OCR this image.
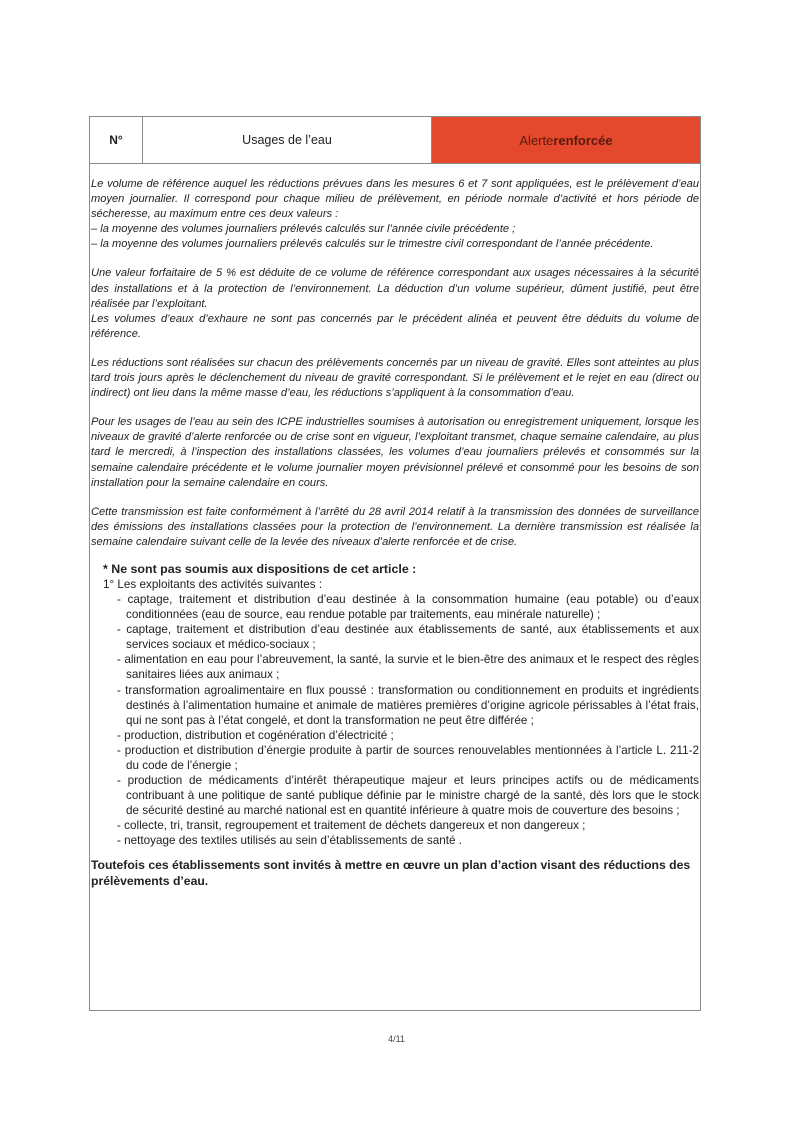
N°	Usages de l’eau	Alerte renforcée

Le volume de référence auquel les réductions prévues dans les mesures 6 et 7 sont appliquées, est le prélèvement d’eau moyen journalier. Il correspond pour chaque milieu de prélèvement, en période normale d’activité et hors période de sécheresse, au maximum entre ces deux valeurs :

– la moyenne des volumes journaliers prélevés calculés sur l’année civile précédente ;

– la moyenne des volumes journaliers prélevés calculés sur le trimestre civil correspondant de l’année précédente.

Une valeur forfaitaire de 5 % est déduite de ce volume de référence correspondant aux usages nécessaires à la sécurité des installations et à la protection de l’environnement. La déduction d’un volume supérieur, dûment justifié, peut être réalisée par l’exploitant.

Les volumes d’eaux d’exhaure ne sont pas concernés par le précédent alinéa et peuvent être déduits du volume de référence.

Les réductions sont réalisées sur chacun des prélèvements concernés par un niveau de gravité. Elles sont atteintes au plus tard trois jours après le déclenchement du niveau de gravité correspondant. Si le prélèvement et le rejet en eau (direct ou indirect) ont lieu dans la même masse d’eau, les réductions s’appliquent à la consommation d’eau.

Pour les usages de l’eau au sein des ICPE industrielles soumises à autorisation ou enregistrement uniquement, lorsque les niveaux de gravité d’alerte renforcée ou de crise sont en vigueur, l’exploitant transmet, chaque semaine calendaire, au plus tard le mercredi, à l’inspection des installations classées, les volumes d’eau journaliers prélevés et consommés sur la semaine calendaire précédente et le volume journalier moyen prévisionnel prélevé et consommé pour les besoins de son installation pour la semaine calendaire en cours.

Cette transmission est faite conformément à l’arrêté du 28 avril 2014 relatif à la transmission des données de surveillance des émissions des installations classées pour la protection de l’environnement. La dernière transmission est réalisée la semaine calendaire suivant celle de la levée des niveaux d’alerte renforcée et de crise.

* Ne sont pas soumis aux dispositions de cet article :

1° Les exploitants des activités suivantes :

- captage, traitement et distribution d’eau destinée à la consommation humaine (eau potable) ou d’eaux conditionnées (eau de source, eau rendue potable par traitements, eau minérale naturelle) ;
- captage, traitement et distribution d’eau destinée aux établissements de santé, aux établissements et aux services sociaux et médico-sociaux ;
- alimentation en eau pour l’abreuvement, la santé, la survie et le bien-être des animaux et le respect des règles sanitaires liées aux animaux ;
- transformation agroalimentaire en flux poussé : transformation ou conditionnement en produits et ingrédients destinés à l’alimentation humaine et animale de matières premières d’origine agricole périssables à l’état frais, qui ne sont pas à l’état congelé, et dont la transformation ne peut être différée ;
- production, distribution et cogénération d’électricité ;
- production et distribution d’énergie produite à partir de sources renouvelables mentionnées à l’article L. 211-2 du code de l’énergie ;
- production de médicaments d’intérêt thérapeutique majeur et leurs principes actifs ou de médicaments contribuant à une politique de santé publique définie par le ministre chargé de la santé, dès lors que le stock de sécurité destiné au marché national est en quantité inférieure à quatre mois de couverture des besoins ;
- collecte, tri, transit, regroupement et traitement de déchets dangereux et non dangereux ;
- nettoyage des textiles utilisés au sein d’établissements de santé .

Toutefois ces établissements sont invités à mettre en œuvre un plan d’action visant des réductions des prélèvements d’eau.

4/11
